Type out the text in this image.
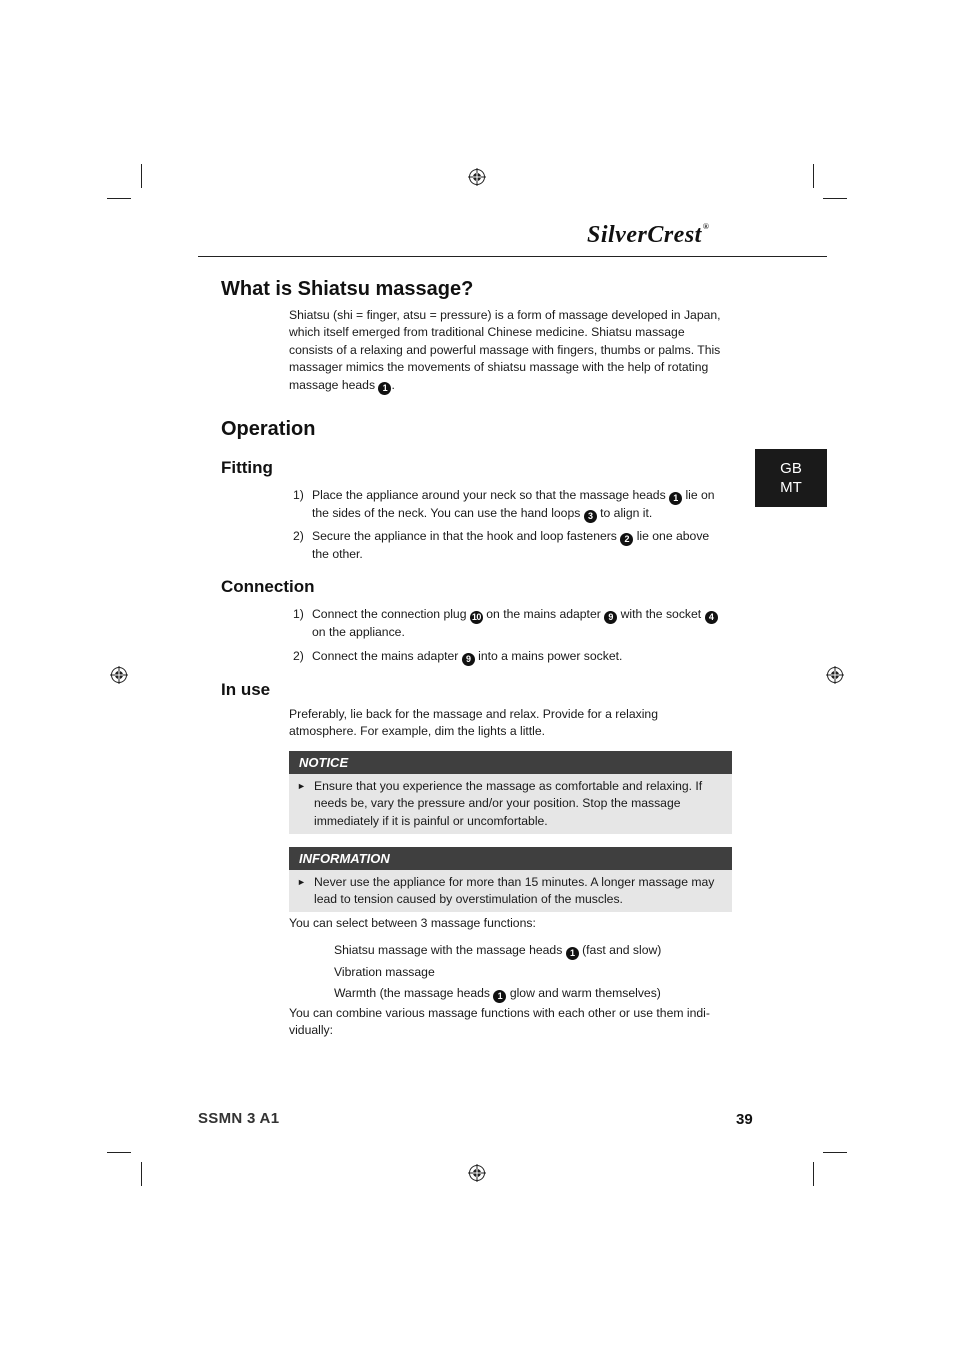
SilverCrest®
What is Shiatsu massage?

Shiatsu (shi = finger, atsu = pressure) is a form of massage developed in Japan, which itself emerged from traditional Chinese medicine. Shiatsu massage consists of a relaxing and powerful massage with fingers, thumbs or palms. This massager mimics the movements of shiatsu massage with the help of rotating massage heads 1 .

Operation
Fitting
1) Place the appliance around your neck so that the massage heads 1 lie on the sides of the neck. You can use the hand loops 3 to align it.
2) Secure the appliance in that the hook and loop fasteners 2 lie one above the other.
Connection
1) Connect the connection plug 10 on the mains adapter 9 with the socket 4 on the appliance.
2) Connect the mains adapter 9 into a mains power socket.
In use

Preferably, lie back for the massage and relax. Provide for a relaxing atmosphere. For example, dim the lights a little.

NOTICE
► Ensure that you experience the massage as comfortable and relaxing. If needs be, vary the pressure and/or your position. Stop the massage immediately if it is painful or uncomfortable.
INFORMATION
► Never use the appliance for more than 15 minutes. A longer massage may lead to tension caused by overstimulation of the muscles.

You can select between 3 massage functions:

Shiatsu massage with the massage heads 1 (fast and slow)
Vibration massage
Warmth (the massage heads 1 glow and warm themselves)

You can combine various massage functions with each other or use them indi-vidually:

GB
MT
SSMN 3 A1	39
